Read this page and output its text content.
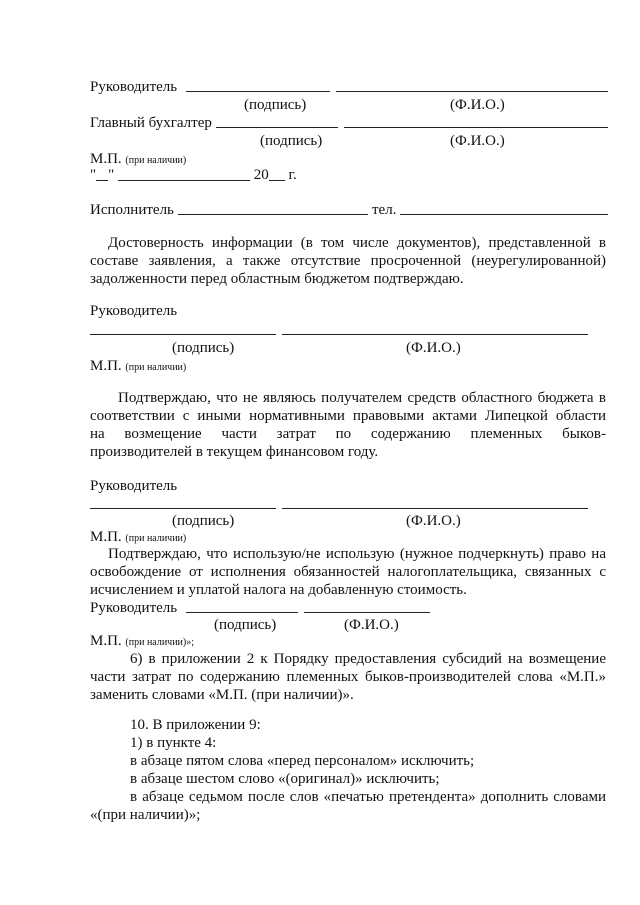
Руководитель
(подпись)	(Ф.И.О.)
Главный бухгалтер
(подпись)	(Ф.И.О.)
М.П. (при наличии)
" "	20 г.
Исполнитель	тел.
Достоверность информации (в том числе документов), представленной в
составе заявления, а также отсутствие просроченной (неурегулированной)
задолженности перед областным бюджетом подтверждаю.
Руководитель
(подпись)	(Ф.И.О.)
М.П. (при наличии)
Подтверждаю, что не являюсь получателем средств областного бюджета в
соответствии с иными нормативными правовыми актами Липецкой области
на возмещение части затрат по содержанию племенных быков-
производителей в текущем финансовом году.
Руководитель
(подпись)	(Ф.И.О.)
М.П. (при наличии)
Подтверждаю, что использую/не использую (нужное подчеркнуть) право на
освобождение от исполнения обязанностей налогоплательщика, связанных с
исчислением и уплатой налога на добавленную стоимость.
Руководитель
(подпись)	(Ф.И.О.)
М.П. (при наличии)»;
6) в приложении 2 к Порядку предоставления субсидий на возмещение
части затрат по содержанию племенных быков-производителей слова «М.П.»
заменить словами «М.П. (при наличии)».
10. В приложении 9:
1) в пункте 4:
в абзаце пятом слова «перед персоналом» исключить;
в абзаце шестом слово «(оригинал)» исключить;
в абзаце седьмом после слов «печатью претендента» дополнить словами
«(при наличии)»;
